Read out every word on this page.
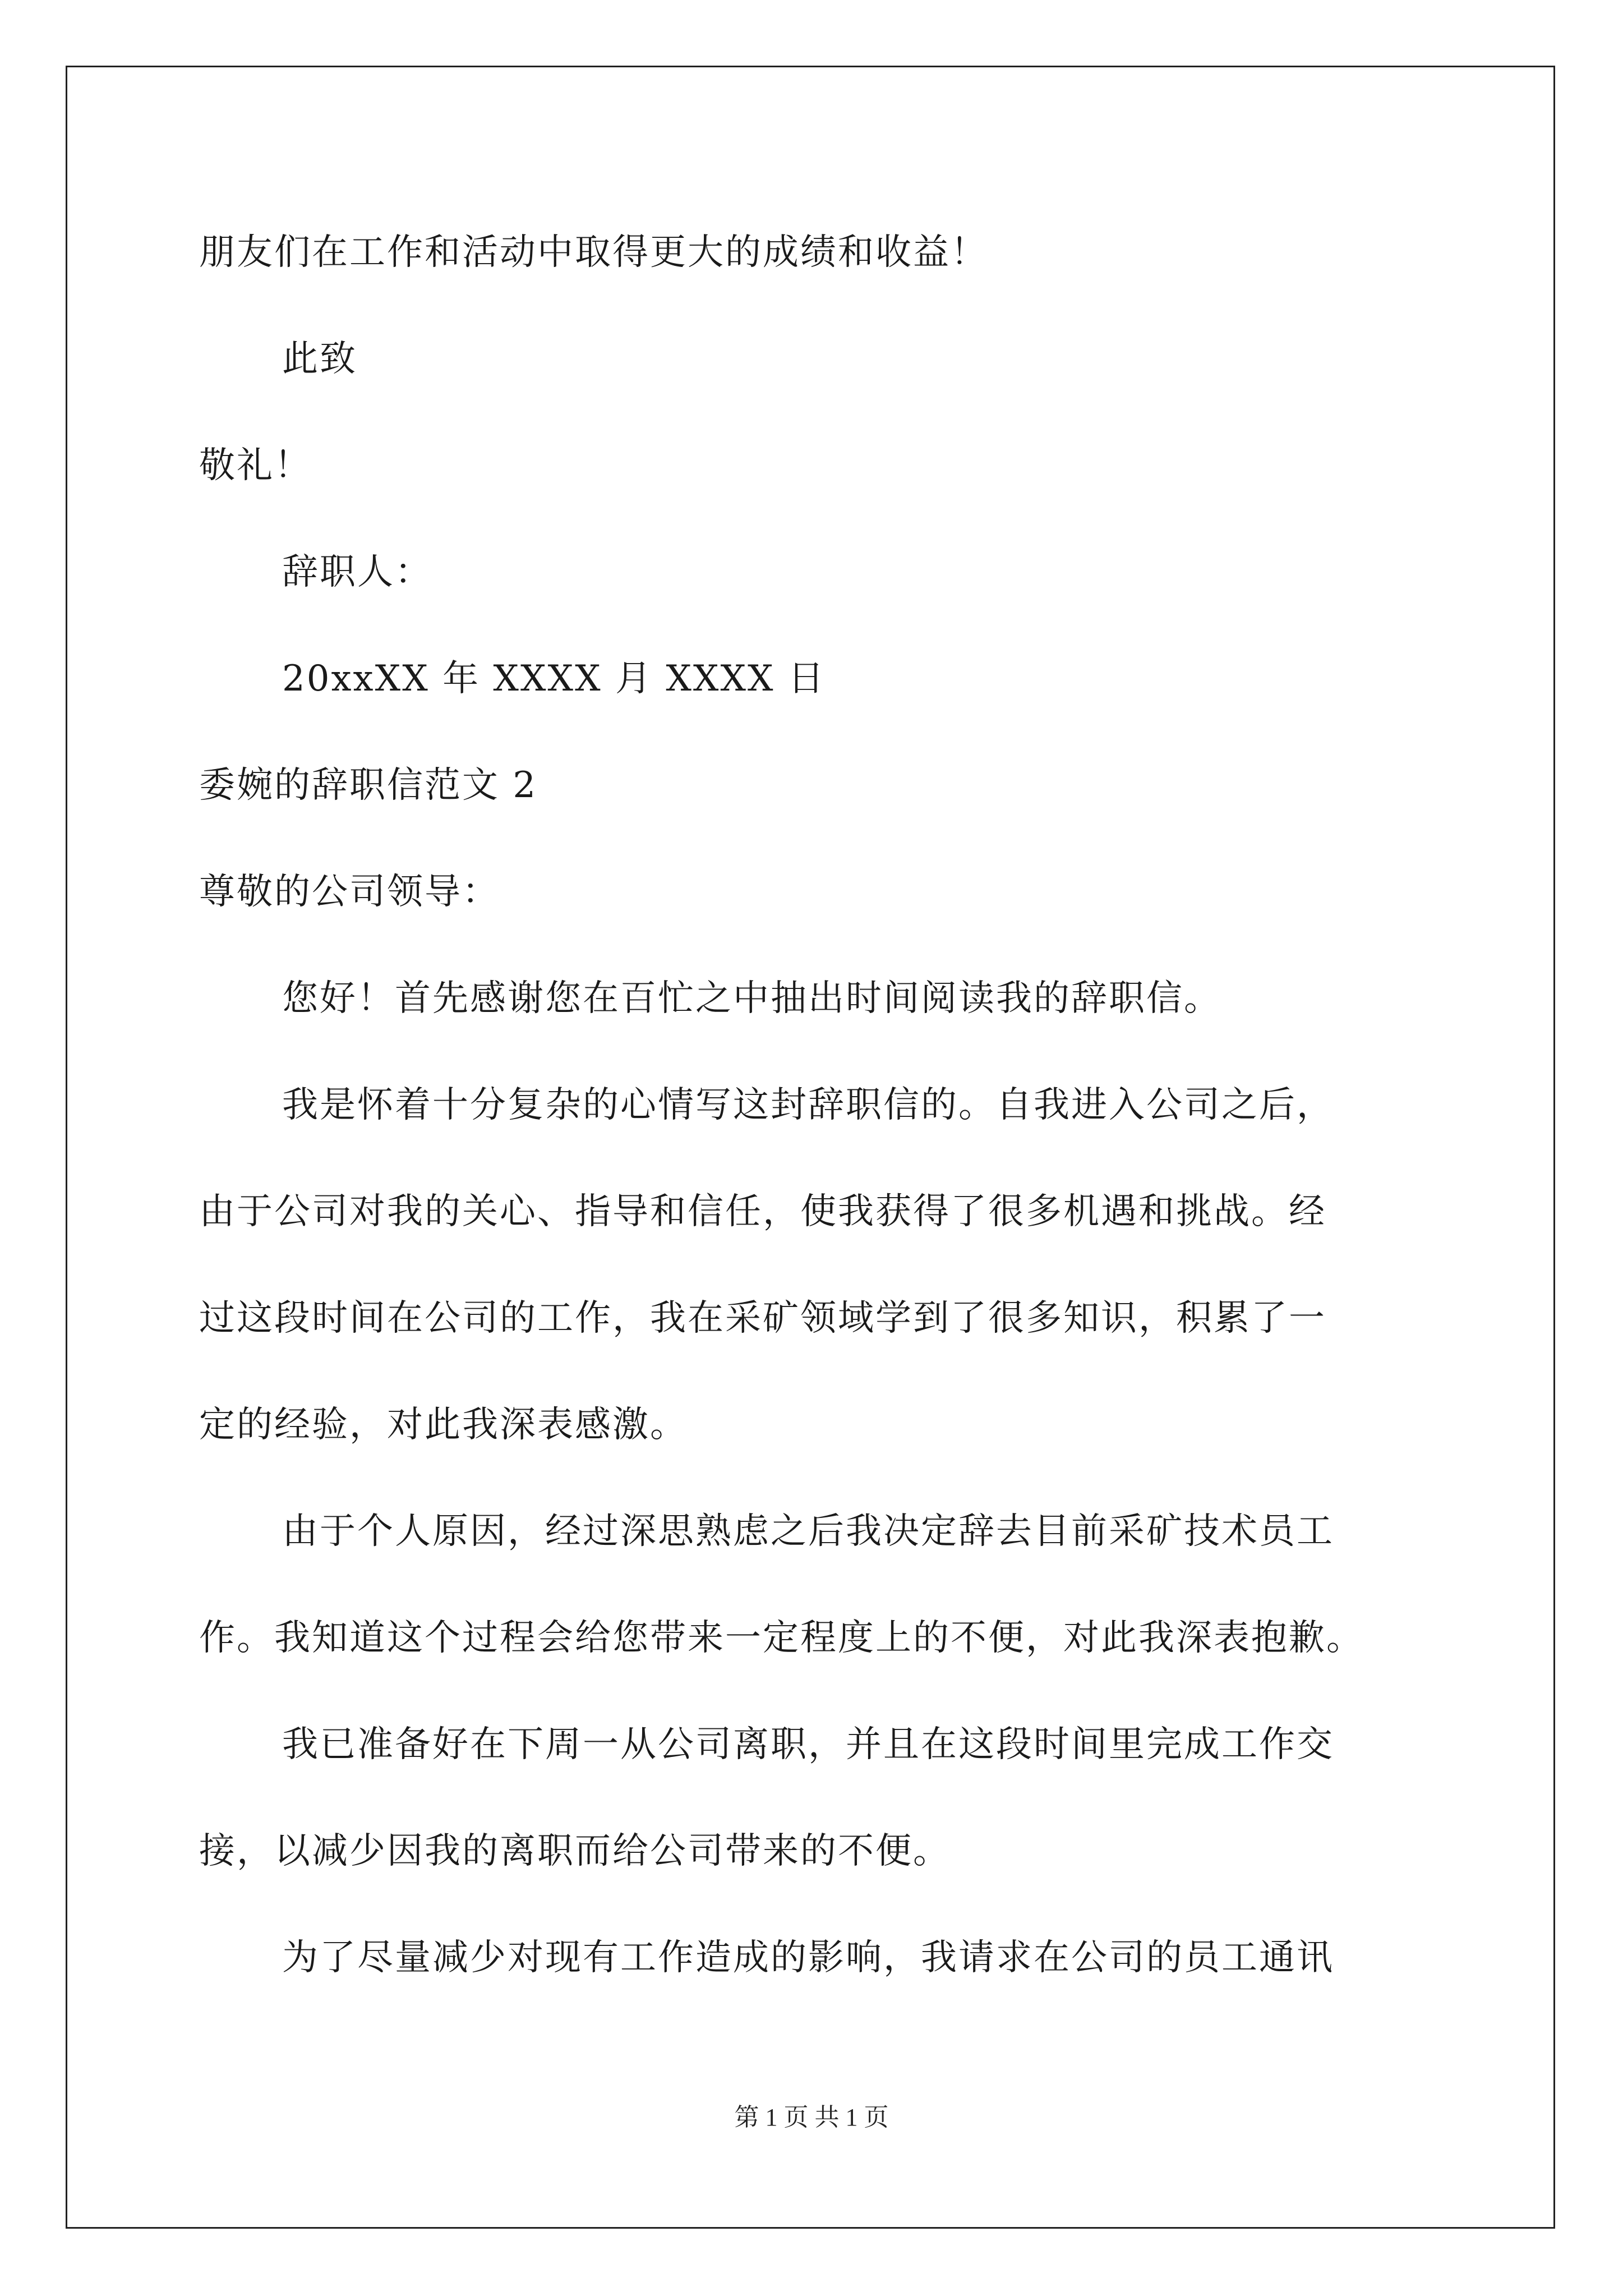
朋友们在工作和活动中取得更大的成绩和收益！
此致
敬礼！
辞职人：
20xxXX 年 XXXX 月 XXXX 日
委婉的辞职信范文 2
尊敬的公司领导：
您好！首先感谢您在百忙之中抽出时间阅读我的辞职信。
我是怀着十分复杂的心情写这封辞职信的。自我进入公司之后，
由于公司对我的关心、指导和信任，使我获得了很多机遇和挑战。经
过这段时间在公司的工作，我在采矿领域学到了很多知识，积累了一
定的经验，对此我深表感激。
由于个人原因，经过深思熟虑之后我决定辞去目前采矿技术员工
作。我知道这个过程会给您带来一定程度上的不便，对此我深表抱歉。
我已准备好在下周一从公司离职，并且在这段时间里完成工作交
接，以减少因我的离职而给公司带来的不便。
为了尽量减少对现有工作造成的影响，我请求在公司的员工通讯
第 1 页 共 1 页
